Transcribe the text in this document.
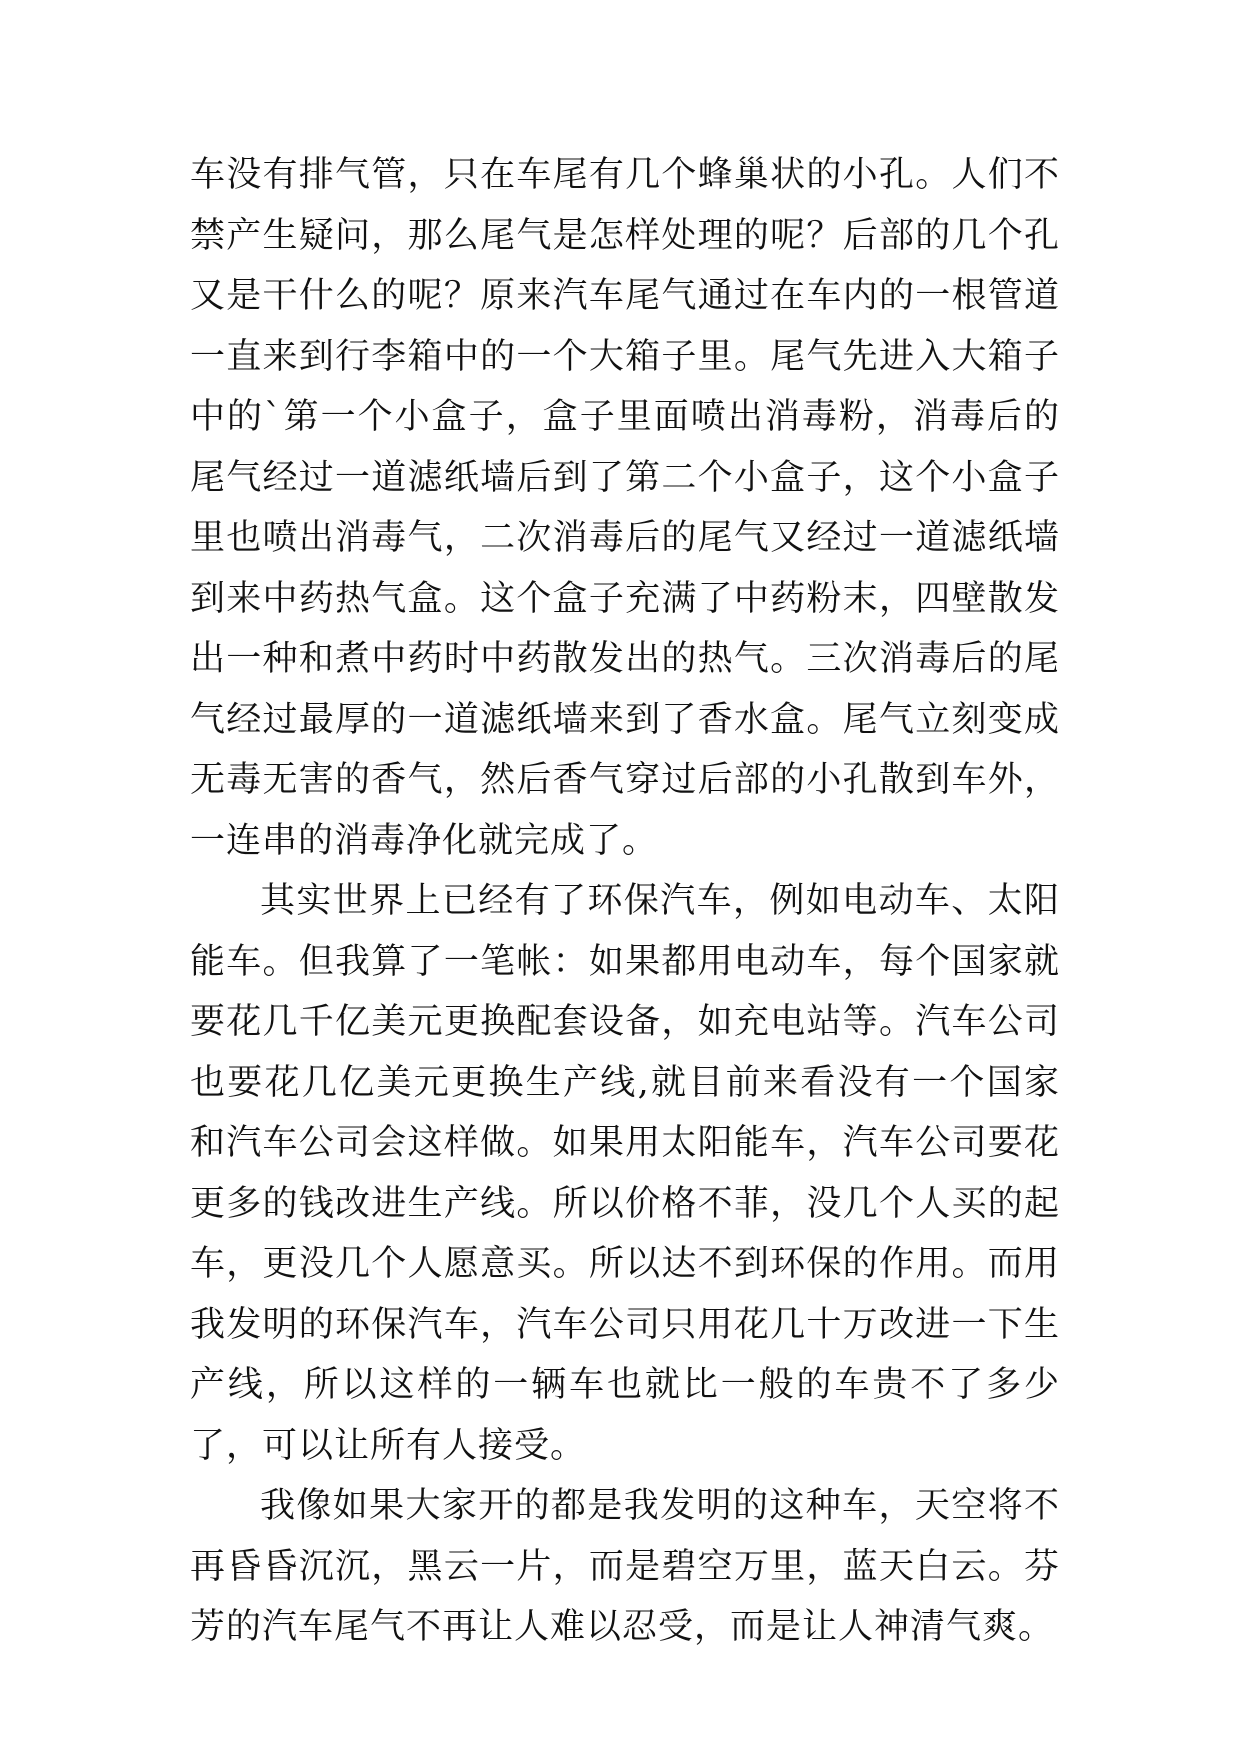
车没有排气管，只在车尾有几个蜂巢状的小孔。人们不禁产生疑问，那么尾气是怎样处理的呢？后部的几个孔又是干什么的呢？原来汽车尾气通过在车内的一根管道一直来到行李箱中的一个大箱子里。尾气先进入大箱子中的`第一个小盒子，盒子里面喷出消毒粉，消毒后的尾气经过一道滤纸墙后到了第二个小盒子，这个小盒子里也喷出消毒气，二次消毒后的尾气又经过一道滤纸墙到来中药热气盒。这个盒子充满了中药粉末，四壁散发出一种和煮中药时中药散发出的热气。三次消毒后的尾气经过最厚的一道滤纸墙来到了香水盒。尾气立刻变成无毒无害的香气，然后香气穿过后部的小孔散到车外，一连串的消毒净化就完成了。

其实世界上已经有了环保汽车，例如电动车、太阳能车。但我算了一笔帐：如果都用电动车，每个国家就要花几千亿美元更换配套设备，如充电站等。汽车公司也要花几亿美元更换生产线,就目前来看没有一个国家和汽车公司会这样做。如果用太阳能车，汽车公司要花更多的钱改进生产线。所以价格不菲，没几个人买的起车，更没几个人愿意买。所以达不到环保的作用。而用我发明的环保汽车，汽车公司只用花几十万改进一下生产线，所以这样的一辆车也就比一般的车贵不了多少了，可以让所有人接受。

我像如果大家开的都是我发明的这种车，天空将不再昏昏沉沉，黑云一片，而是碧空万里，蓝天白云。芬芳的汽车尾气不再让人难以忍受，而是让人神清气爽。
